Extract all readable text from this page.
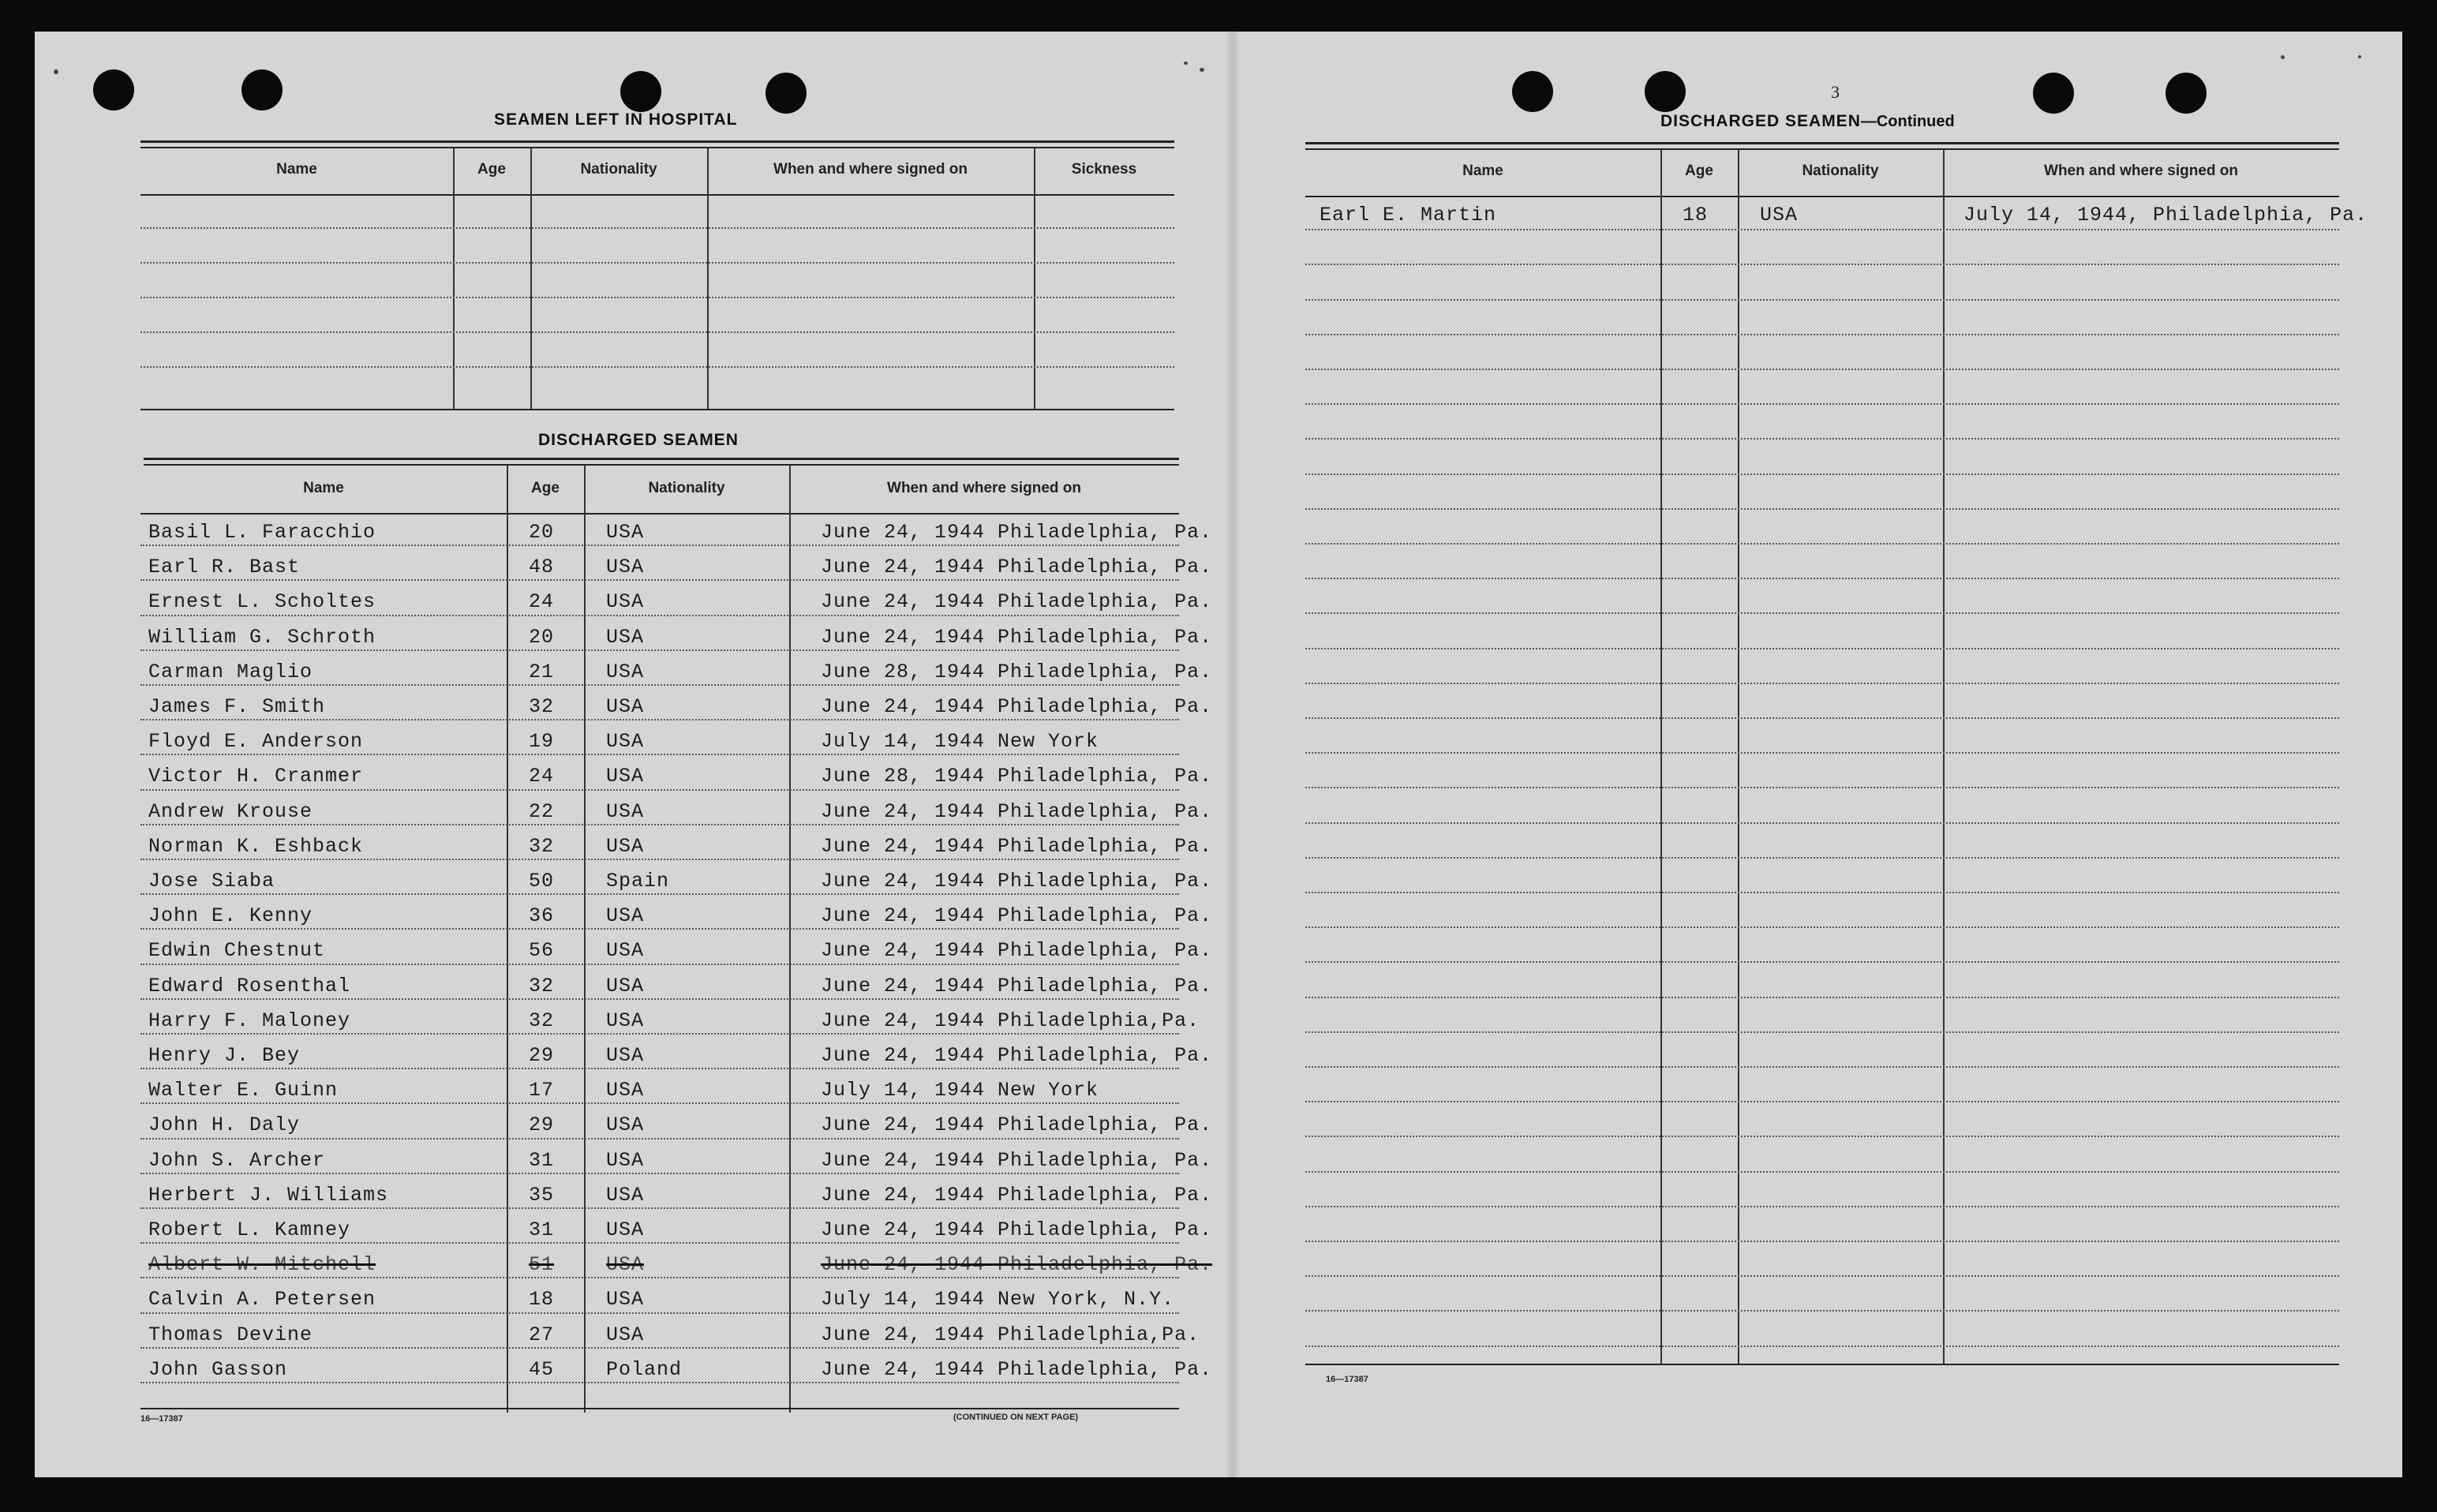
SEAMEN LEFT IN HOSPITAL
Name	Age	Nationality	When and where signed on	Sickness
DISCHARGED SEAMEN
Name	Age	Nationality	When and where signed on
Basil L. Faracchio	20	USA	June 24, 1944 Philadelphia, Pa.
Earl R. Bast	48	USA	June 24, 1944 Philadelphia, Pa.
Ernest L. Scholtes	24	USA	June 24, 1944 Philadelphia, Pa.
William G. Schroth	20	USA	June 24, 1944 Philadelphia, Pa.
Carman Maglio	21	USA	June 28, 1944 Philadelphia, Pa.
James F. Smith	32	USA	June 24, 1944 Philadelphia, Pa.
Floyd E. Anderson	19	USA	July 14, 1944 New York
Victor H. Cranmer	24	USA	June 28, 1944 Philadelphia, Pa.
Andrew Krouse	22	USA	June 24, 1944 Philadelphia, Pa.
Norman K. Eshback	32	USA	June 24, 1944 Philadelphia, Pa.
Jose Siaba	50	Spain	June 24, 1944 Philadelphia, Pa.
John E. Kenny	36	USA	June 24, 1944 Philadelphia, Pa.
Edwin Chestnut	56	USA	June 24, 1944 Philadelphia, Pa.
Edward Rosenthal	32	USA	June 24, 1944 Philadelphia, Pa.
Harry F. Maloney	32	USA	June 24, 1944 Philadelphia,Pa.
Henry J. Bey	29	USA	June 24, 1944 Philadelphia, Pa.
Walter E. Guinn	17	USA	July 14, 1944 New York
John H. Daly	29	USA	June 24, 1944 Philadelphia, Pa.
John S. Archer	31	USA	June 24, 1944 Philadelphia, Pa.
Herbert J. Williams	35	USA	June 24, 1944 Philadelphia, Pa.
Robert L. Kamney	31	USA	June 24, 1944 Philadelphia, Pa.
Albert W. Mitchell	51	USA	June 24, 1944 Philadelphia, Pa.
Calvin A. Petersen	18	USA	July 14, 1944 New York, N.Y.
Thomas Devine	27	USA	June 24, 1944 Philadelphia,Pa.
John Gasson	45	Poland	June 24, 1944 Philadelphia, Pa.
16—17387	(CONTINUED ON NEXT PAGE)
3
DISCHARGED SEAMEN—Continued
Name	Age	Nationality	When and where signed on
Earl E. Martin	18	USA	July 14, 1944, Philadelphia, Pa.
16—17387
